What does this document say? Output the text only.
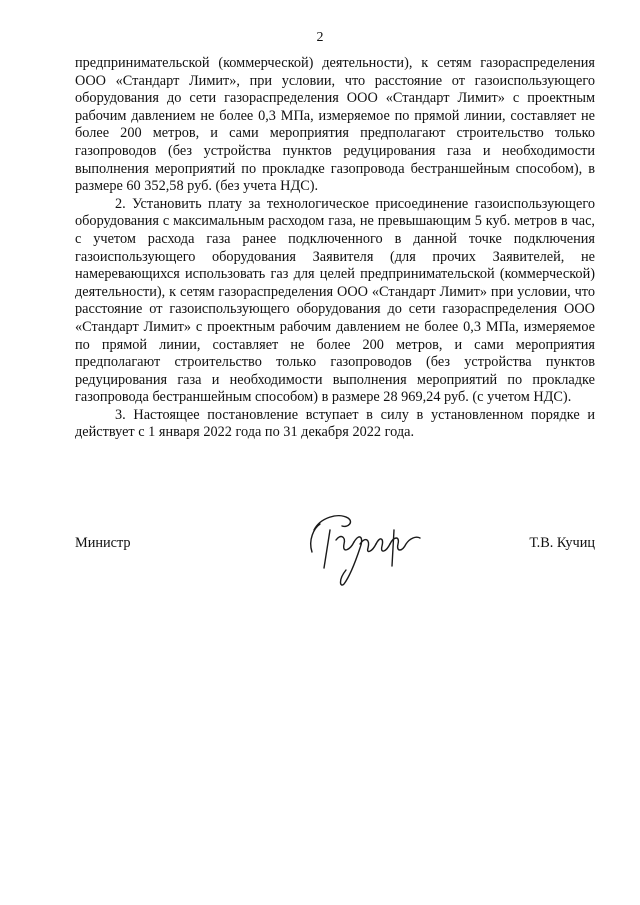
2

предпринимательской (коммерческой) деятельности), к сетям газораспределения ООО «Стандарт Лимит», при условии, что расстояние от газоиспользующего оборудования до сети газораспределения ООО «Стандарт Лимит» с проектным рабочим давлением не более 0,3 МПа, измеряемое по прямой линии, составляет не более 200 метров, и сами мероприятия предполагают строительство только газопроводов (без устройства пунктов редуцирования газа и необходимости выполнения мероприятий по прокладке газопровода бестраншейным способом), в размере 60 352,58 руб. (без учета НДС).

2. Установить плату за технологическое присоединение газоиспользующего оборудования с максимальным расходом газа, не превышающим 5 куб. метров в час, с учетом расхода газа ранее подключенного в данной точке подключения газоиспользующего оборудования Заявителя (для прочих Заявителей, не намеревающихся использовать газ для целей предпринимательской (коммерческой) деятельности), к сетям газораспределения ООО «Стандарт Лимит» при условии, что расстояние от газоиспользующего оборудования до сети газораспределения ООО «Стандарт Лимит» с проектным рабочим давлением не более 0,3 МПа, измеряемое по прямой линии, составляет не более 200 метров, и сами мероприятия предполагают строительство только газопроводов (без устройства пунктов редуцирования газа и необходимости выполнения мероприятий по прокладке газопровода бестраншейным способом) в размере 28 969,24 руб. (с учетом НДС).

3. Настоящее постановление вступает в силу в установленном порядке и действует с 1 января 2022 года по 31 декабря 2022 года.

Министр	Т.В. Кучиц
